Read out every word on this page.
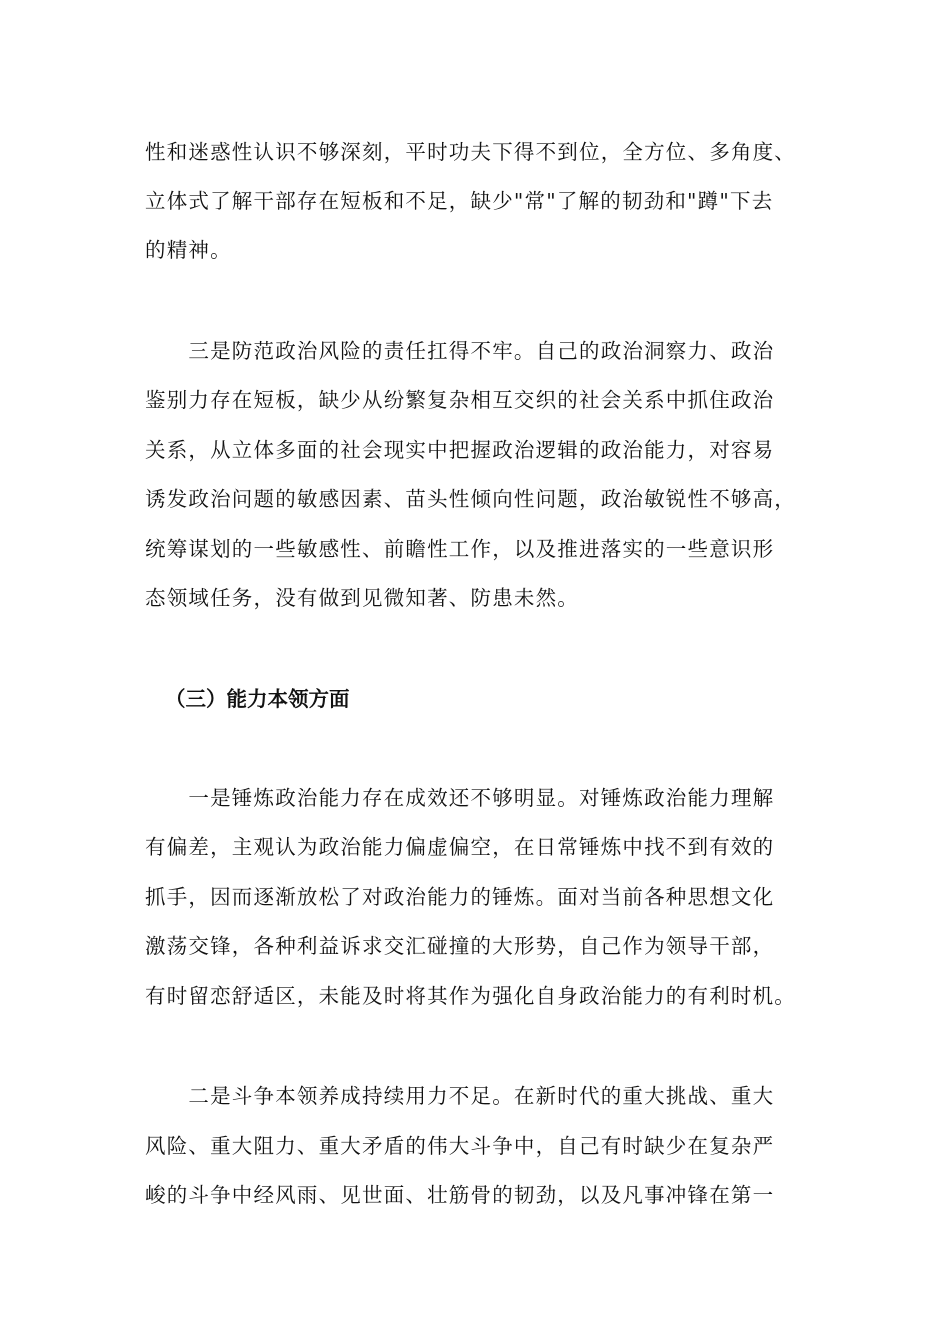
性和迷惑性认识不够深刻，平时功夫下得不到位，全方位、多角度、
立体式了解干部存在短板和不足，缺少"常"了解的韧劲和"蹲"下去
的精神。
　　三是防范政治风险的责任扛得不牢。自己的政治洞察力、政治
鉴别力存在短板，缺少从纷繁复杂相互交织的社会关系中抓住政治
关系，从立体多面的社会现实中把握政治逻辑的政治能力，对容易
诱发政治问题的敏感因素、苗头性倾向性问题，政治敏锐性不够高，
统筹谋划的一些敏感性、前瞻性工作，以及推进落实的一些意识形
态领域任务，没有做到见微知著、防患未然。
（三）能力本领方面
　　一是锤炼政治能力存在成效还不够明显。对锤炼政治能力理解
有偏差，主观认为政治能力偏虚偏空，在日常锤炼中找不到有效的
抓手，因而逐渐放松了对政治能力的锤炼。面对当前各种思想文化
激荡交锋，各种利益诉求交汇碰撞的大形势，自己作为领导干部，
有时留恋舒适区，未能及时将其作为强化自身政治能力的有利时机。
　　二是斗争本领养成持续用力不足。在新时代的重大挑战、重大
风险、重大阻力、重大矛盾的伟大斗争中，自己有时缺少在复杂严
峻的斗争中经风雨、见世面、壮筋骨的韧劲，以及凡事冲锋在第一
